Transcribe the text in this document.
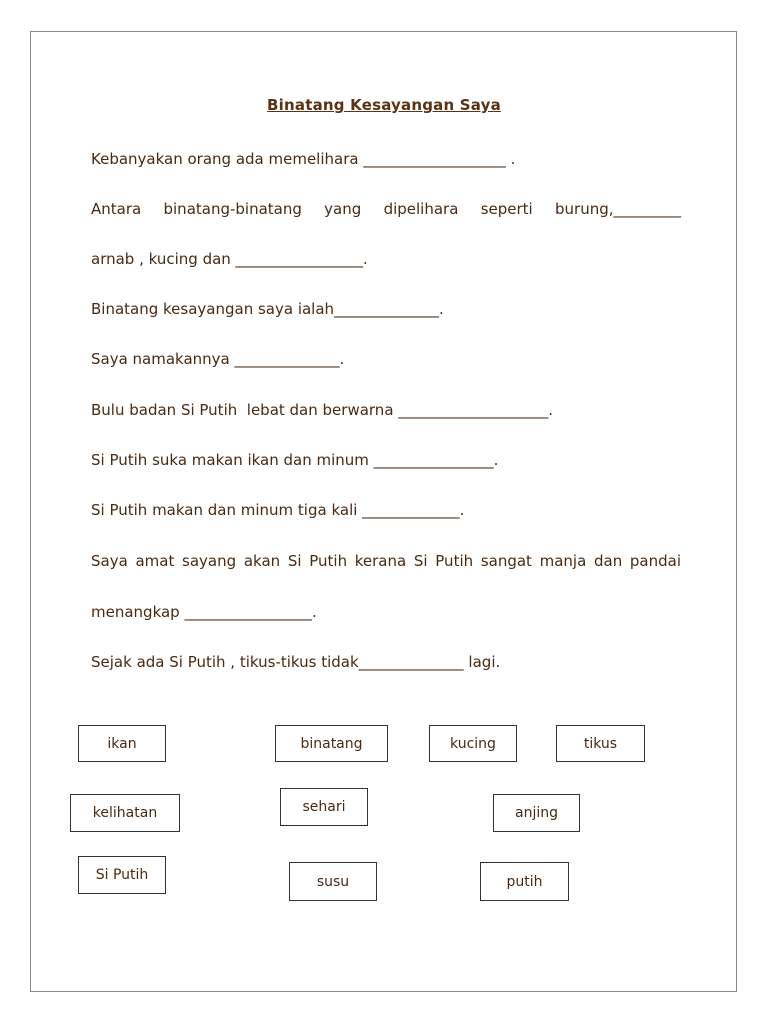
Binatang Kesayangan Saya
Kebanyakan orang ada memelihara ___________________ .
Antara binatang-binatang yang dipelihara seperti burung,_________
arnab , kucing dan _________________.
Binatang kesayangan saya ialah______________.
Saya namakannya ______________.
Bulu badan Si Putih  lebat dan berwarna ____________________.
Si Putih suka makan ikan dan minum ________________.
Si Putih makan dan minum tiga kali _____________.
Saya amat sayang akan Si Putih kerana Si Putih sangat manja dan pandai
menangkap _________________.
Sejak ada Si Putih , tikus-tikus tidak______________ lagi.
ikan	binatang	kucing	tikus
kelihatan	sehari	anjing
Si Putih	susu	putih
